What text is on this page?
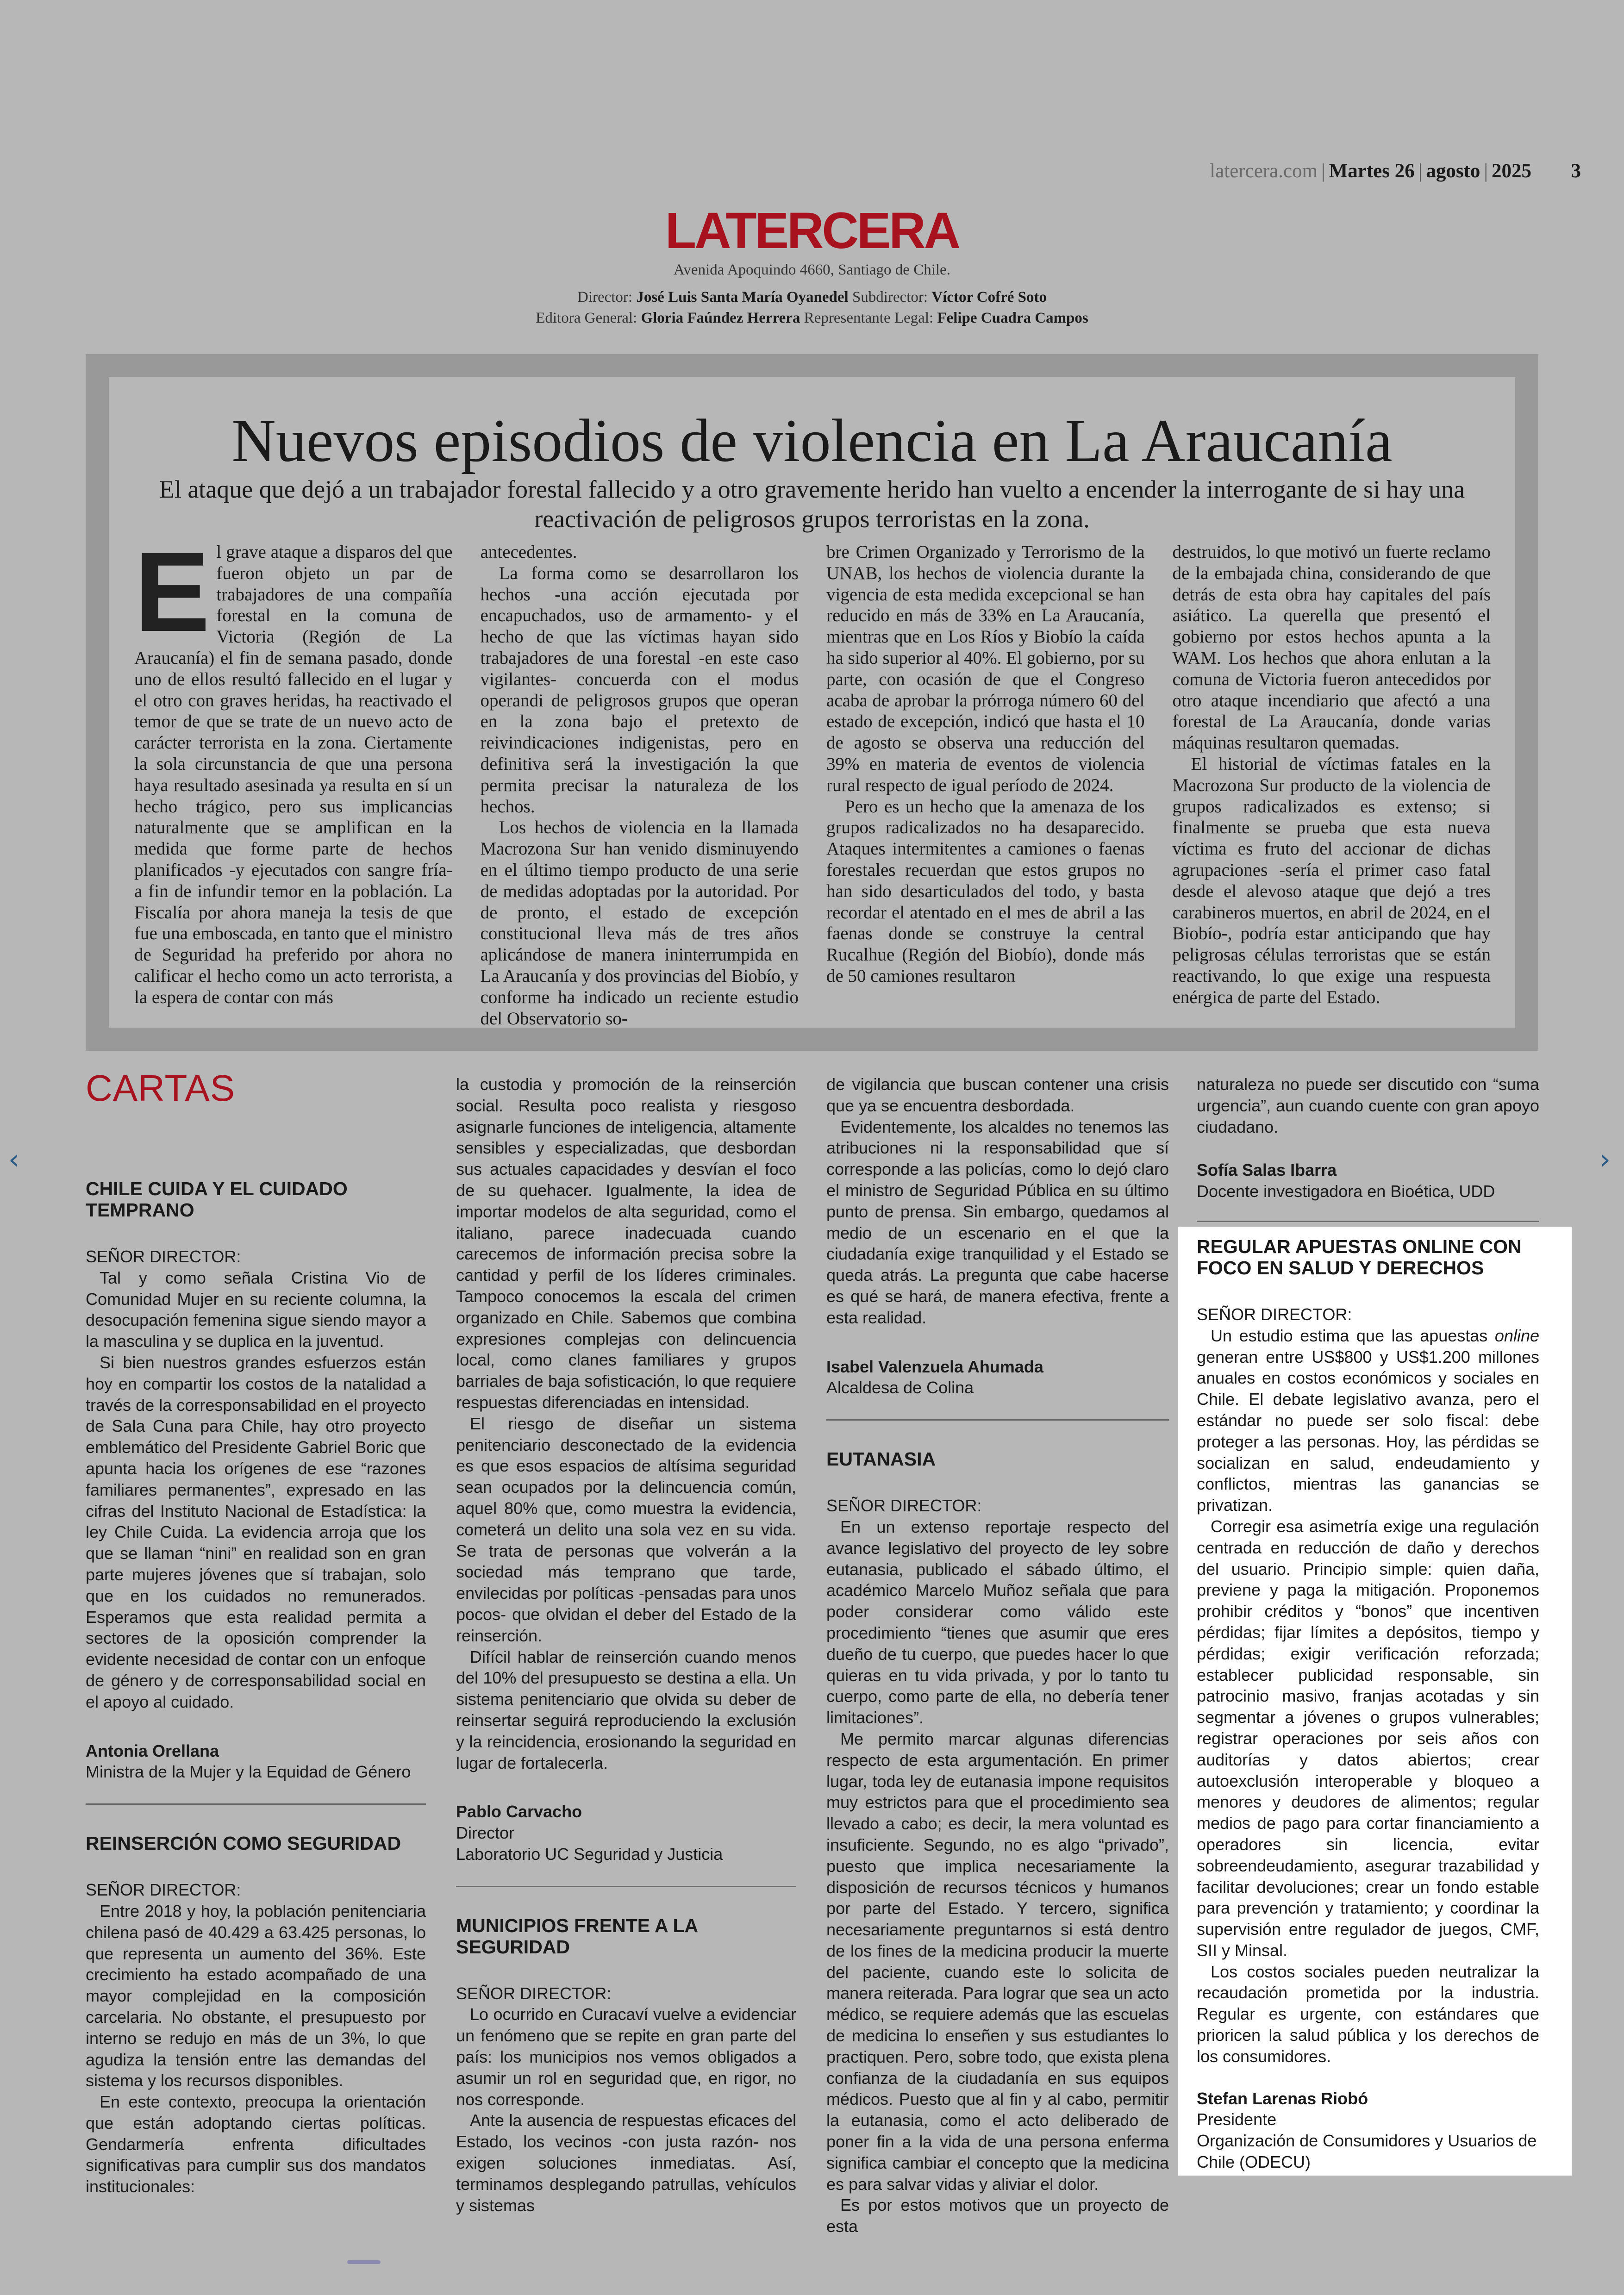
latercera.com | Martes 26 | agosto | 2025 3
LATERCERA
Avenida Apoquindo 4660, Santiago de Chile.
Director: José Luis Santa María Oyanedel Subdirector: Víctor Cofré Soto
Editora General: Gloria Faúndez Herrera Representante Legal: Felipe Cuadra Campos
Nuevos episodios de violencia en La Araucanía
El ataque que dejó a un trabajador forestal fallecido y a otro gravemente herido han vuelto a encender la interrogante de si hay una reactivación de peligrosos grupos terroristas en la zona.
E l grave ataque a disparos del que fueron objeto un par de trabajadores de una compañía forestal en la comuna de Victoria (Región de La Araucanía) el fin de semana pasado, donde uno de ellos resultó fallecido en el lugar y el otro con graves heridas, ha reactivado el temor de que se trate de un nuevo acto de carácter terrorista en la zona. Ciertamente la sola circunstancia de que una persona haya resultado asesinada ya resulta en sí un hecho trágico, pero sus implicancias naturalmente que se amplifican en la medida que forme parte de hechos planificados -y ejecutados con sangre fría- a fin de infundir temor en la población. La Fiscalía por ahora maneja la tesis de que fue una emboscada, en tanto que el ministro de Seguridad ha preferido por ahora no calificar el hecho como un acto terrorista, a la espera de contar con más

antecedentes.

La forma como se desarrollaron los hechos -una acción ejecutada por encapuchados, uso de armamento- y el hecho de que las víctimas hayan sido trabajadores de una forestal -en este caso vigilantes- concuerda con el modus operandi de peligrosos grupos que operan en la zona bajo el pretexto de reivindicaciones indigenistas, pero en definitiva será la investigación la que permita precisar la naturaleza de los hechos.

Los hechos de violencia en la llamada Macrozona Sur han venido disminuyendo en el último tiempo producto de una serie de medidas adoptadas por la autoridad. Por de pronto, el estado de excepción constitucional lleva más de tres años aplicándose de manera ininterrumpida en La Araucanía y dos provincias del Biobío, y conforme ha indicado un reciente estudio del Observatorio so-

bre Crimen Organizado y Terrorismo de la UNAB, los hechos de violencia durante la vigencia de esta medida excepcional se han reducido en más de 33% en La Araucanía, mientras que en Los Ríos y Biobío la caída ha sido superior al 40%. El gobierno, por su parte, con ocasión de que el Congreso acaba de aprobar la prórroga número 60 del estado de excepción, indicó que hasta el 10 de agosto se observa una reducción del 39% en materia de eventos de violencia rural respecto de igual período de 2024.

Pero es un hecho que la amenaza de los grupos radicalizados no ha desaparecido. Ataques intermitentes a camiones o faenas forestales recuerdan que estos grupos no han sido desarticulados del todo, y basta recordar el atentado en el mes de abril a las faenas donde se construye la central Rucalhue (Región del Biobío), donde más de 50 camiones resultaron

destruidos, lo que motivó un fuerte reclamo de la embajada china, considerando de que detrás de esta obra hay capitales del país asiático. La querella que presentó el gobierno por estos hechos apunta a la WAM. Los hechos que ahora enlutan a la comuna de Victoria fueron antecedidos por otro ataque incendiario que afectó a una forestal de La Araucanía, donde varias máquinas resultaron quemadas.

El historial de víctimas fatales en la Macrozona Sur producto de la violencia de grupos radicalizados es extenso; si finalmente se prueba que esta nueva víctima es fruto del accionar de dichas agrupaciones -sería el primer caso fatal desde el alevoso ataque que dejó a tres carabineros muertos, en abril de 2024, en el Biobío-, podría estar anticipando que hay peligrosas células terroristas que se están reactivando, lo que exige una respuesta enérgica de parte del Estado.

CARTAS
CHILE CUIDA Y EL CUIDADO TEMPRANO

SEÑOR DIRECTOR:

Tal y como señala Cristina Vio de Comunidad Mujer en su reciente columna, la desocupación femenina sigue siendo mayor a la masculina y se duplica en la juventud.

Si bien nuestros grandes esfuerzos están hoy en compartir los costos de la natalidad a través de la corresponsabilidad en el proyecto de Sala Cuna para Chile, hay otro proyecto emblemático del Presidente Gabriel Boric que apunta hacia los orígenes de ese “razones familiares permanentes”, expresado en las cifras del Instituto Nacional de Estadística: la ley Chile Cuida. La evidencia arroja que los que se llaman “nini” en realidad son en gran parte mujeres jóvenes que sí trabajan, solo que en los cuidados no remunerados. Esperamos que esta realidad permita a sectores de la oposición comprender la evidente necesidad de contar con un enfoque de género y de corresponsabilidad social en el apoyo al cuidado.

Antonia Orellana
Ministra de la Mujer y la Equidad de Género
REINSERCIÓN COMO SEGURIDAD

SEÑOR DIRECTOR:

Entre 2018 y hoy, la población penitenciaria chilena pasó de 40.429 a 63.425 personas, lo que representa un aumento del 36%. Este crecimiento ha estado acompañado de una mayor complejidad en la composición carcelaria. No obstante, el presupuesto por interno se redujo en más de un 3%, lo que agudiza la tensión entre las demandas del sistema y los recursos disponibles.

En este contexto, preocupa la orientación que están adoptando ciertas políticas. Gendarmería enfrenta dificultades significativas para cumplir sus dos mandatos institucionales:

la custodia y promoción de la reinserción social. Resulta poco realista y riesgoso asignarle funciones de inteligencia, altamente sensibles y especializadas, que desbordan sus actuales capacidades y desvían el foco de su quehacer. Igualmente, la idea de importar modelos de alta seguridad, como el italiano, parece inadecuada cuando carecemos de información precisa sobre la cantidad y perfil de los líderes criminales. Tampoco conocemos la escala del crimen organizado en Chile. Sabemos que combina expresiones complejas con delincuencia local, como clanes familiares y grupos barriales de baja sofisticación, lo que requiere respuestas diferenciadas en intensidad.

El riesgo de diseñar un sistema penitenciario desconectado de la evidencia es que esos espacios de altísima seguridad sean ocupados por la delincuencia común, aquel 80% que, como muestra la evidencia, cometerá un delito una sola vez en su vida. Se trata de personas que volverán a la sociedad más temprano que tarde, envilecidas por políticas -pensadas para unos pocos- que olvidan el deber del Estado de la reinserción.

Difícil hablar de reinserción cuando menos del 10% del presupuesto se destina a ella. Un sistema penitenciario que olvida su deber de reinsertar seguirá reproduciendo la exclusión y la reincidencia, erosionando la seguridad en lugar de fortalecerla.

Pablo Carvacho
Director
Laboratorio UC Seguridad y Justicia
MUNICIPIOS FRENTE A LA SEGURIDAD

SEÑOR DIRECTOR:

Lo ocurrido en Curacaví vuelve a evidenciar un fenómeno que se repite en gran parte del país: los municipios nos vemos obligados a asumir un rol en seguridad que, en rigor, no nos corresponde.

Ante la ausencia de respuestas eficaces del Estado, los vecinos -con justa razón- nos exigen soluciones inmediatas. Así, terminamos desplegando patrullas, vehículos y sistemas

de vigilancia que buscan contener una crisis que ya se encuentra desbordada.

Evidentemente, los alcaldes no tenemos las atribuciones ni la responsabilidad que sí corresponde a las policías, como lo dejó claro el ministro de Seguridad Pública en su último punto de prensa. Sin embargo, quedamos al medio de un escenario en el que la ciudadanía exige tranquilidad y el Estado se queda atrás. La pregunta que cabe hacerse es qué se hará, de manera efectiva, frente a esta realidad.

Isabel Valenzuela Ahumada
Alcaldesa de Colina
EUTANASIA

SEÑOR DIRECTOR:

En un extenso reportaje respecto del avance legislativo del proyecto de ley sobre eutanasia, publicado el sábado último, el académico Marcelo Muñoz señala que para poder considerar como válido este procedimiento “tienes que asumir que eres dueño de tu cuerpo, que puedes hacer lo que quieras en tu vida privada, y por lo tanto tu cuerpo, como parte de ella, no debería tener limitaciones”.

Me permito marcar algunas diferencias respecto de esta argumentación. En primer lugar, toda ley de eutanasia impone requisitos muy estrictos para que el procedimiento sea llevado a cabo; es decir, la mera voluntad es insuficiente. Segundo, no es algo “privado”, puesto que implica necesariamente la disposición de recursos técnicos y humanos por parte del Estado. Y tercero, significa necesariamente preguntarnos si está dentro de los fines de la medicina producir la muerte del paciente, cuando este lo solicita de manera reiterada. Para lograr que sea un acto médico, se requiere además que las escuelas de medicina lo enseñen y sus estudiantes lo practiquen. Pero, sobre todo, que exista plena confianza de la ciudadanía en sus equipos médicos. Puesto que al fin y al cabo, permitir la eutanasia, como el acto deliberado de poner fin a la vida de una persona enferma significa cambiar el concepto que la medicina es para salvar vidas y aliviar el dolor.

Es por estos motivos que un proyecto de esta

naturaleza no puede ser discutido con “suma urgencia”, aun cuando cuente con gran apoyo ciudadano.

Sofía Salas Ibarra
Docente investigadora en Bioética, UDD
REGULAR APUESTAS ONLINE CON FOCO EN SALUD Y DERECHOS

SEÑOR DIRECTOR:

Un estudio estima que las apuestas online generan entre US$800 y US$1.200 millones anuales en costos económicos y sociales en Chile. El debate legislativo avanza, pero el estándar no puede ser solo fiscal: debe proteger a las personas. Hoy, las pérdidas se socializan en salud, endeudamiento y conflictos, mientras las ganancias se privatizan.

Corregir esa asimetría exige una regulación centrada en reducción de daño y derechos del usuario. Principio simple: quien daña, previene y paga la mitigación. Proponemos prohibir créditos y “bonos” que incentiven pérdidas; fijar límites a depósitos, tiempo y pérdidas; exigir verificación reforzada; establecer publicidad responsable, sin patrocinio masivo, franjas acotadas y sin segmentar a jóvenes o grupos vulnerables; registrar operaciones por seis años con auditorías y datos abiertos; crear autoexclusión interoperable y bloqueo a menores y deudores de alimentos; regular medios de pago para cortar financiamiento a operadores sin licencia, evitar sobreendeudamiento, asegurar trazabilidad y facilitar devoluciones; crear un fondo estable para prevención y tratamiento; y coordinar la supervisión entre regulador de juegos, CMF, SII y Minsal.

Los costos sociales pueden neutralizar la recaudación prometida por la industria. Regular es urgente, con estándares que prioricen la salud pública y los derechos de los consumidores.

Stefan Larenas Riobó
Presidente
Organización de Consumidores y Usuarios de Chile (ODECU)
‹	›
